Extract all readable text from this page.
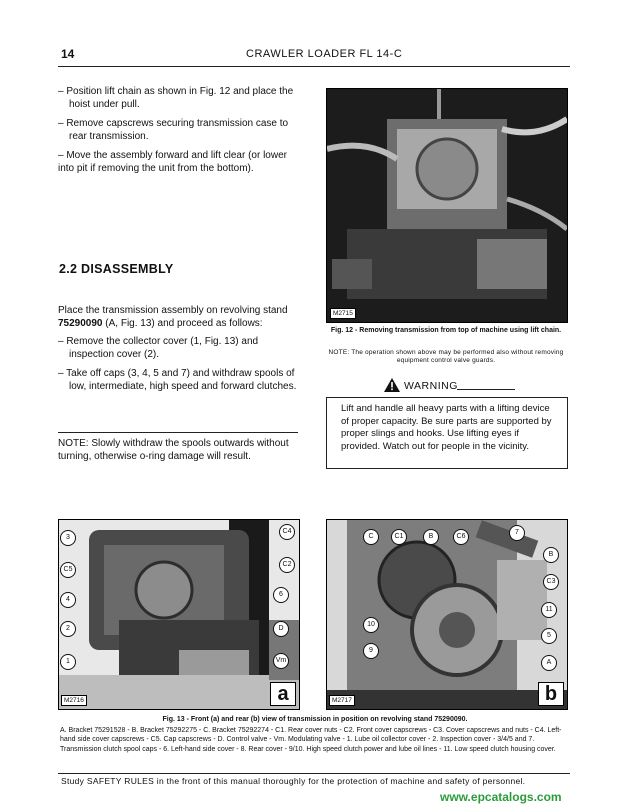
14	CRAWLER LOADER FL 14-C

– Position lift chain as shown in Fig. 12 and place the hoist under pull.

– Remove capscrews securing transmission case to rear transmission.

– Move the assembly forward and lift clear (or lower into pit if removing the unit from the bottom).

2.2 DISASSEMBLY

Place the transmission assembly on revolving stand 75290090 (A, Fig. 13) and proceed as follows:

– Remove the collector cover (1, Fig. 13) and inspection cover (2).

– Take off caps (3, 4, 5 and 7) and withdraw spools of low, intermediate, high speed and forward clutches.

NOTE: Slowly withdraw the spools outwards without turning, otherwise o-ring damage will result.
M2715
Fig. 12 - Removing transmission from top of machine using lift chain.
NOTE: The operation shown above may be performed also without removing equipment control valve guards.
WARNING
Lift and handle all heavy parts with a lifting device of proper capacity. Be sure parts are supported by proper slings and hooks. Use lifting eyes if provided. Watch out for people in the vicinity.
3
C5
4
2
1
C4
C2
6
D
Vm
M2716	a
C	C1	B	C6
7
B
C3
11
10
9
5
A
M2717	b
Fig. 13 - Front (a) and rear (b) view of transmission in position on revolving stand 75290090.
A. Bracket 75291528 - B. Bracket 75292275 - C. Bracket 75292274 - C1. Rear cover nuts - C2. Front cover capscrews - C3. Cover capscrews and nuts - C4. Left-hand side cover capscrews - C5. Cap capscrews - D. Control valve - Vm. Modulating valve - 1. Lube oil collector cover - 2. Inspection cover - 3/4/5 and 7. Transmission clutch spool caps - 6. Left-hand side cover - 8. Rear cover - 9/10. High speed clutch power and lube oil lines - 11. Low speed clutch housing cover.
Study SAFETY RULES in the front of this manual thoroughly for the protection of machine and safety of personnel.
www.epcatalogs.com
